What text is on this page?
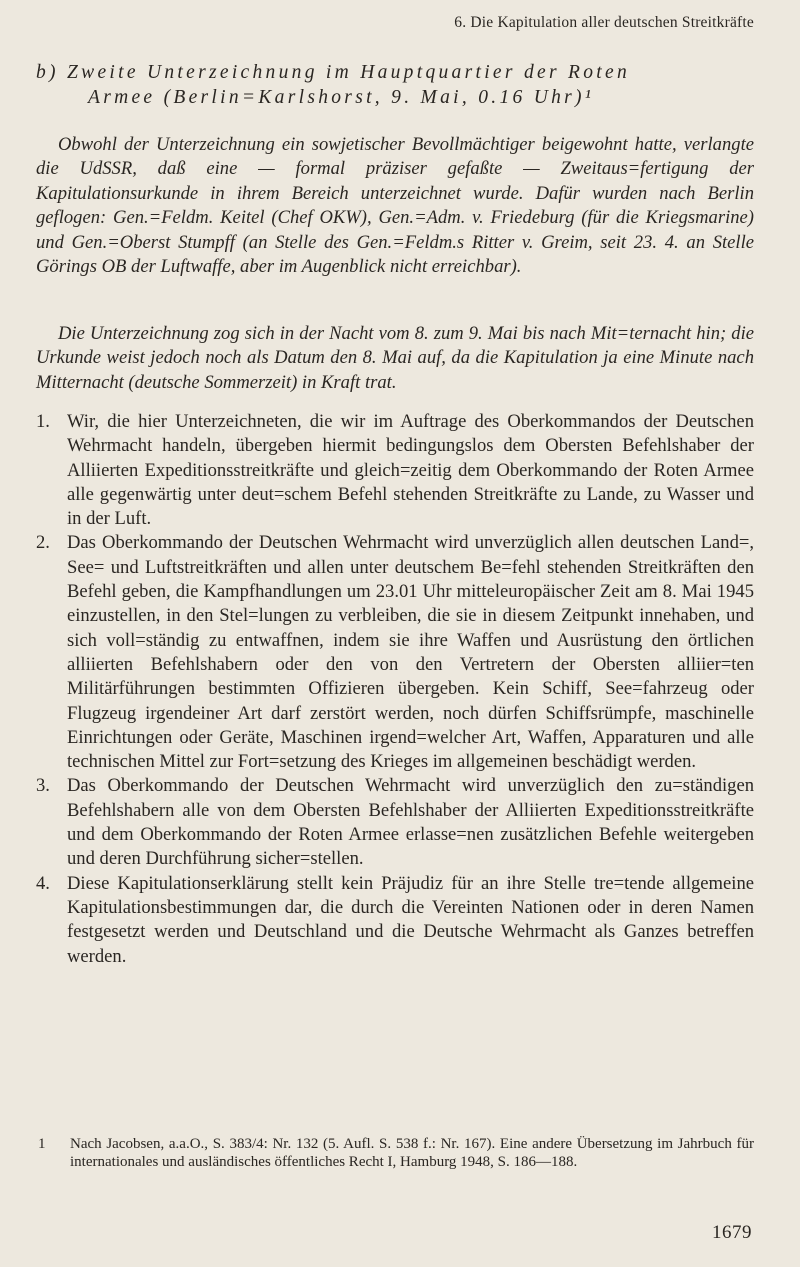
6. Die Kapitulation aller deutschen Streitkräfte
b) Zweite Unterzeichnung im Hauptquartier der Roten
Armee (Berlin=Karlshorst, 9. Mai, 0.16 Uhr)¹

Obwohl der Unterzeichnung ein sowjetischer Bevollmächtiger beigewohnt hatte, verlangte die UdSSR, daß eine — formal präziser gefaßte — Zweitaus=fertigung der Kapitulationsurkunde in ihrem Bereich unterzeichnet wurde. Dafür wurden nach Berlin geflogen: Gen.=Feldm. Keitel (Chef OKW), Gen.=Adm. v. Friedeburg (für die Kriegsmarine) und Gen.=Oberst Stumpff (an Stelle des Gen.=Feldm.s Ritter v. Greim, seit 23. 4. an Stelle Görings OB der Luftwaffe, aber im Augenblick nicht erreichbar).

Die Unterzeichnung zog sich in der Nacht vom 8. zum 9. Mai bis nach Mit=ternacht hin; die Urkunde weist jedoch noch als Datum den 8. Mai auf, da die Kapitulation ja eine Minute nach Mitternacht (deutsche Sommerzeit) in Kraft trat.

1. Wir, die hier Unterzeichneten, die wir im Auftrage des Oberkommandos der Deutschen Wehrmacht handeln, übergeben hiermit bedingungslos dem Obersten Befehlshaber der Alliierten Expeditionsstreitkräfte und gleich=zeitig dem Oberkommando der Roten Armee alle gegenwärtig unter deut=schem Befehl stehenden Streitkräfte zu Lande, zu Wasser und in der Luft.
2. Das Oberkommando der Deutschen Wehrmacht wird unverzüglich allen deutschen Land=, See= und Luftstreitkräften und allen unter deutschem Be=fehl stehenden Streitkräften den Befehl geben, die Kampfhandlungen um 23.01 Uhr mitteleuropäischer Zeit am 8. Mai 1945 einzustellen, in den Stel=lungen zu verbleiben, die sie in diesem Zeitpunkt innehaben, und sich voll=ständig zu entwaffnen, indem sie ihre Waffen und Ausrüstung den örtlichen alliierten Befehlshabern oder den von den Vertretern der Obersten alliier=ten Militärführungen bestimmten Offizieren übergeben. Kein Schiff, See=fahrzeug oder Flugzeug irgendeiner Art darf zerstört werden, noch dürfen Schiffsrümpfe, maschinelle Einrichtungen oder Geräte, Maschinen irgend=welcher Art, Waffen, Apparaturen und alle technischen Mittel zur Fort=setzung des Krieges im allgemeinen beschädigt werden.
3. Das Oberkommando der Deutschen Wehrmacht wird unverzüglich den zu=ständigen Befehlshabern alle von dem Obersten Befehlshaber der Alliierten Expeditionsstreitkräfte und dem Oberkommando der Roten Armee erlasse=nen zusätzlichen Befehle weitergeben und deren Durchführung sicher=stellen.
4. Diese Kapitulationserklärung stellt kein Präjudiz für an ihre Stelle tre=tende allgemeine Kapitulationsbestimmungen dar, die durch die Vereinten Nationen oder in deren Namen festgesetzt werden und Deutschland und die Deutsche Wehrmacht als Ganzes betreffen werden.
1 Nach Jacobsen, a.a.O., S. 383/4: Nr. 132 (5. Aufl. S. 538 f.: Nr. 167). Eine andere Übersetzung im Jahrbuch für internationales und ausländisches öffentliches Recht I, Hamburg 1948, S. 186—188.
1679
